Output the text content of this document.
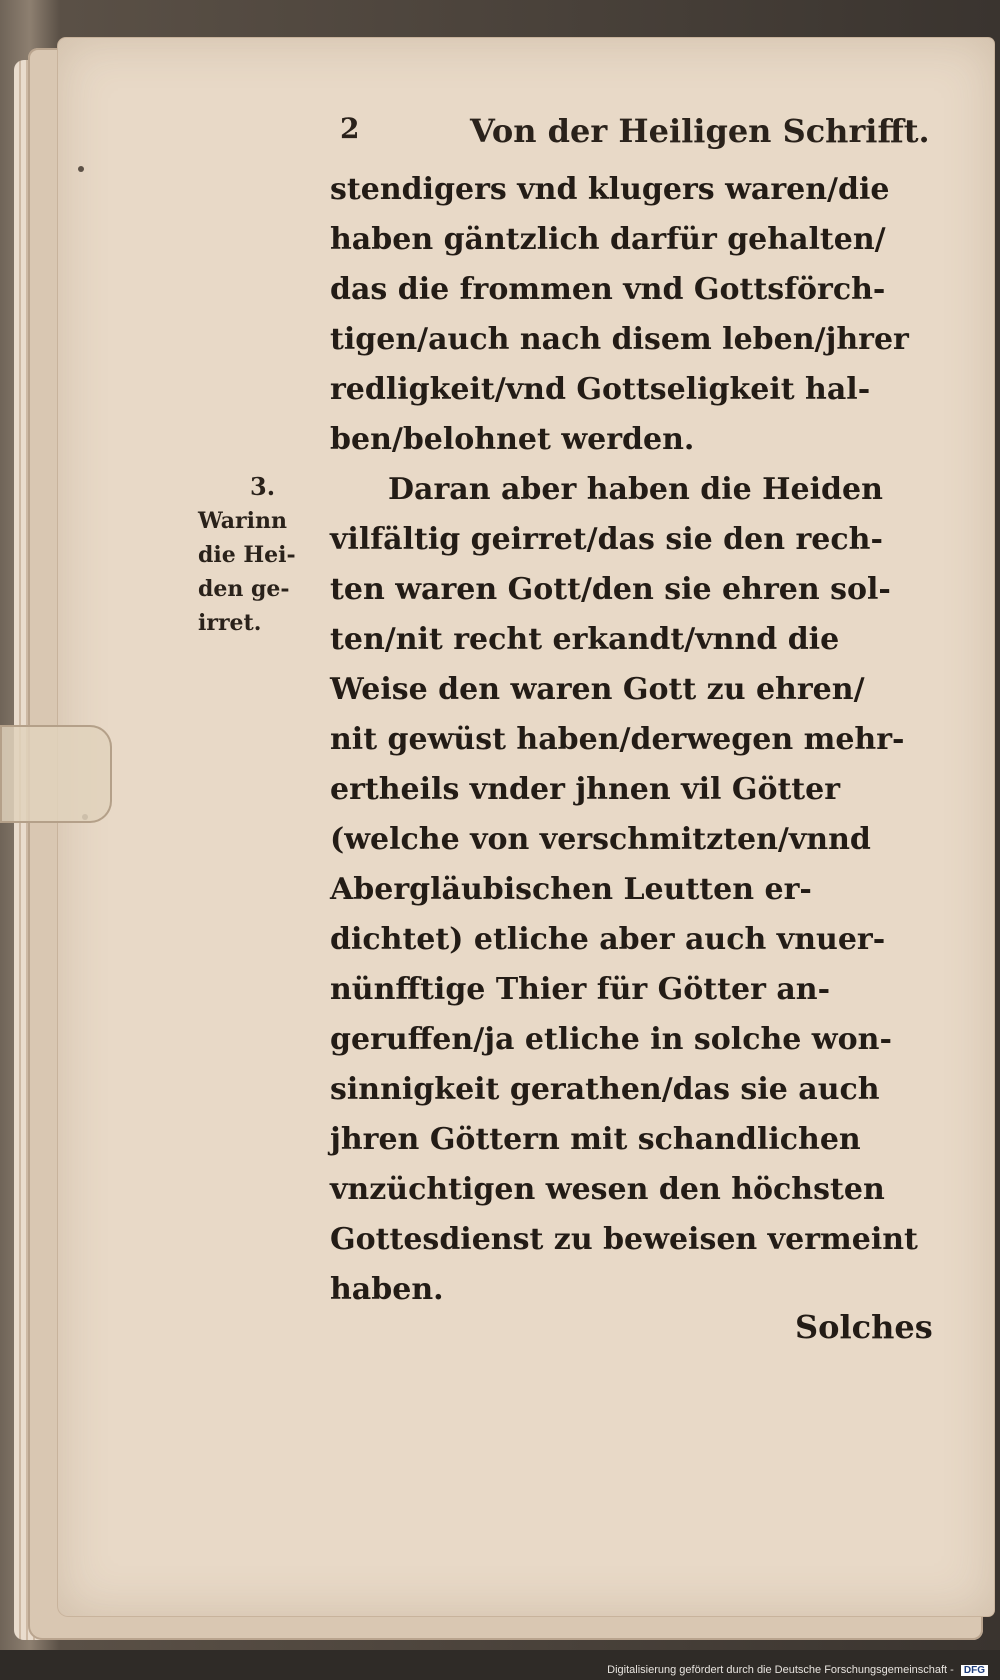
2	Von der Heiligen Schrifft.
3.
Warinn
die Hei-
den ge-
irret.
stendigers vnd klugers waren/die
haben gäntzlich darfür gehalten/
das die frommen vnd Gottsförch-
tigen/auch nach disem leben/jhrer
redligkeit/vnd Gottseligkeit hal-
ben/belohnet werden.
Daran aber haben die Heiden
vilfältig geirret/das sie den rech-
ten waren Gott/den sie ehren sol-
ten/nit recht erkandt/vnnd die
Weise den waren Gott zu ehren/
nit gewüst haben/derwegen mehr-
ertheils vnder jhnen vil Götter
(welche von verschmitzten/vnnd
Abergläubischen Leutten er-
dichtet) etliche aber auch vnuer-
nünfftige Thier für Götter an-
geruffen/ja etliche in solche won-
sinnigkeit gerathen/das sie auch
jhren Göttern mit schandlichen
vnzüchtigen wesen den höchsten
Gottesdienst zu beweisen vermeint
haben.
Solches
Digitalisierung gefördert durch die Deutsche Forschungsgemeinschaft - DFG
